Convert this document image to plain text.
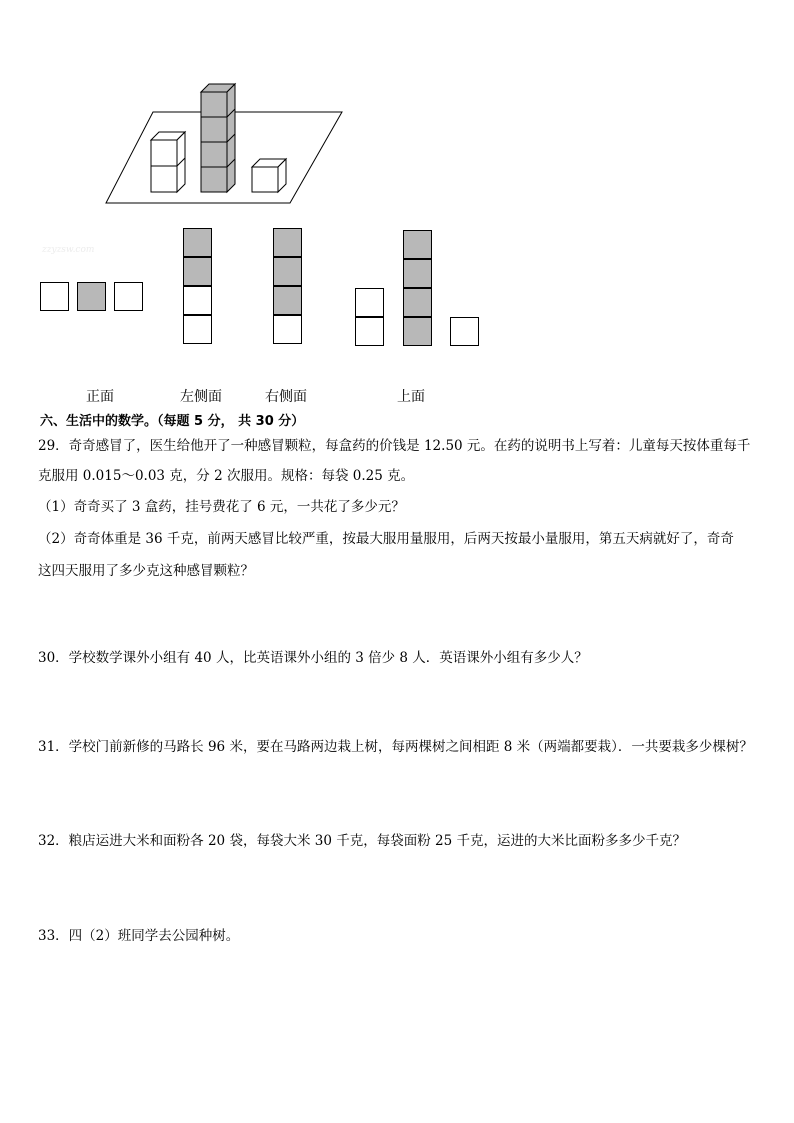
zzyzsw.com
正面	左侧面	右侧面	上面
六、生活中的数学。（每题 5 分， 共 30 分）
29．奇奇感冒了，医生给他开了一种感冒颗粒，每盒药的价钱是 12.50 元。在药的说明书上写着：儿童每天按体重每千
克服用 0.015～0.03 克，分 2 次服用。规格：每袋 0.25 克。
（1）奇奇买了 3 盒药，挂号费花了 6 元，一共花了多少元？
（2）奇奇体重是 36 千克，前两天感冒比较严重，按最大服用量服用，后两天按最小量服用，第五天病就好了，奇奇
这四天服用了多少克这种感冒颗粒？
30．学校数学课外小组有 40 人，比英语课外小组的 3 倍少 8 人．英语课外小组有多少人？
31．学校门前新修的马路长 96 米，要在马路两边栽上树，每两棵树之间相距 8 米（两端都要栽）．一共要栽多少棵树？
32．粮店运进大米和面粉各 20 袋，每袋大米 30 千克，每袋面粉 25 千克，运进的大米比面粉多多少千克？
33．四（2）班同学去公园种树。
